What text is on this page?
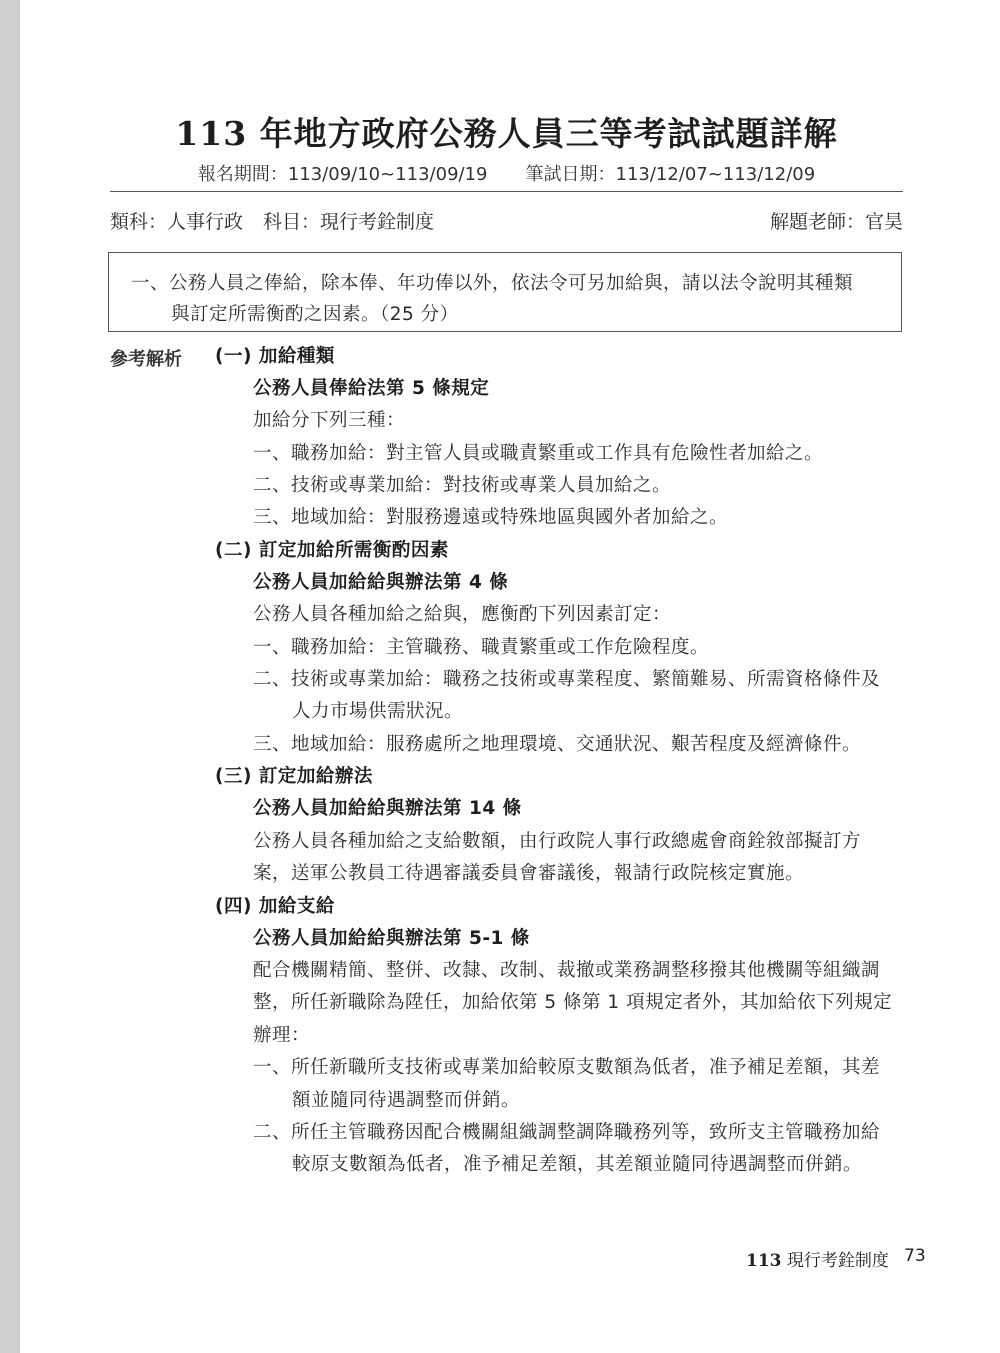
113 年地方政府公務人員三等考試試題詳解
報名期間：113/09/10~113/09/19 筆試日期：113/12/07~113/12/09
類科：人事行政 科目：現行考銓制度	解題老師：官昊
一、公務人員之俸給，除本俸、年功俸以外，依法令可另加給與，請以法令說明其種類
與訂定所需衡酌之因素。（25 分）
參考解析 (一) 加給種類
公務人員俸給法第 5 條規定
加給分下列三種：
一、職務加給：對主管人員或職責繁重或工作具有危險性者加給之。
二、技術或專業加給：對技術或專業人員加給之。
三、地域加給：對服務邊遠或特殊地區與國外者加給之。
(二) 訂定加給所需衡酌因素
公務人員加給給與辦法第 4 條
公務人員各種加給之給與，應衡酌下列因素訂定：
一、職務加給：主管職務、職責繁重或工作危險程度。
二、技術或專業加給：職務之技術或專業程度、繁簡難易、所需資格條件及
人力市場供需狀況。
三、地域加給：服務處所之地理環境、交通狀況、艱苦程度及經濟條件。
(三) 訂定加給辦法
公務人員加給給與辦法第 14 條
公務人員各種加給之支給數額，由行政院人事行政總處會商銓敘部擬訂方
案，送軍公教員工待遇審議委員會審議後，報請行政院核定實施。
(四) 加給支給
公務人員加給給與辦法第 5-1 條
配合機關精簡、整併、改隸、改制、裁撤或業務調整移撥其他機關等組織調
整，所任新職除為陞任，加給依第 5 條第 1 項規定者外，其加給依下列規定
辦理：
一、所任新職所支技術或專業加給較原支數額為低者，准予補足差額，其差
額並隨同待遇調整而併銷。
二、所任主管職務因配合機關組織調整調降職務列等，致所支主管職務加給
較原支數額為低者，准予補足差額，其差額並隨同待遇調整而併銷。
113 現行考銓制度 73
